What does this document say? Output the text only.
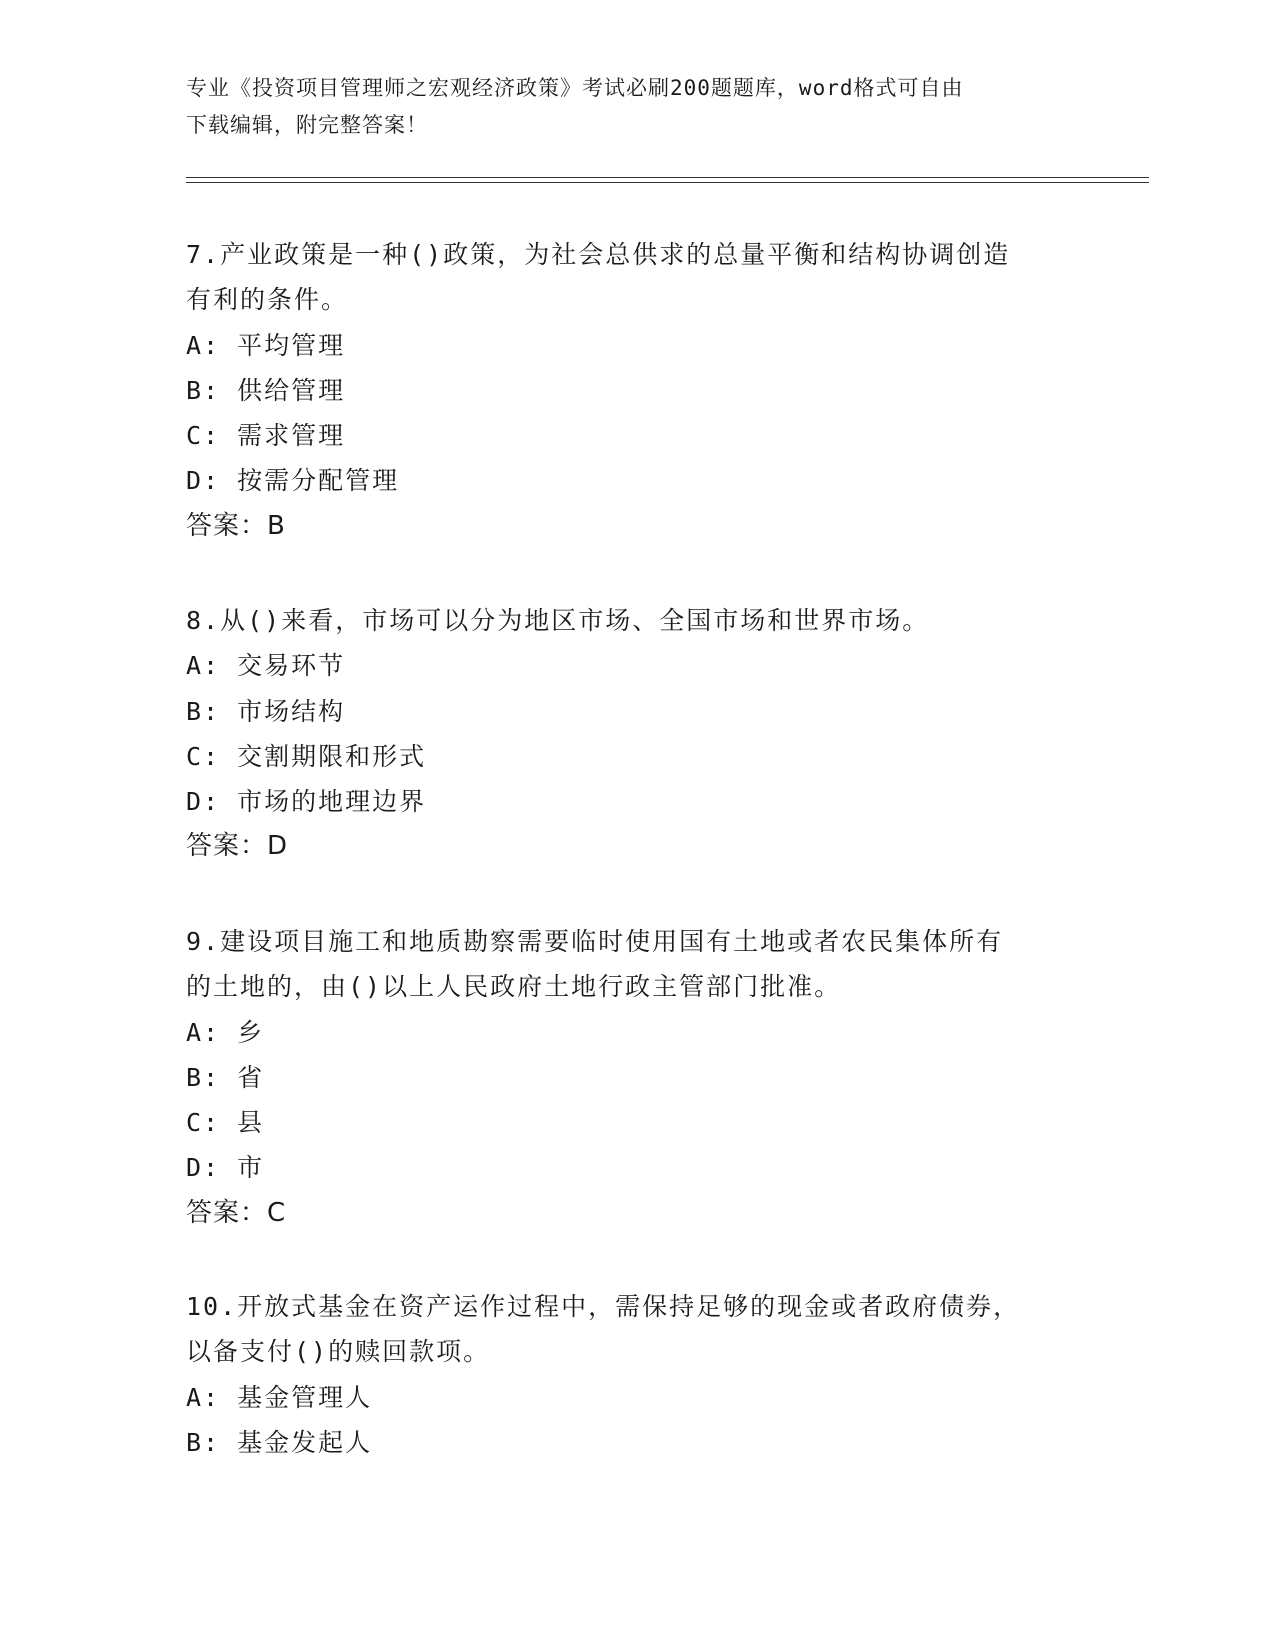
专业《投资项目管理师之宏观经济政策》考试必刷200题题库，word格式可自由
下载编辑，附完整答案！
7.产业政策是一种()政策，为社会总供求的总量平衡和结构协调创造
有利的条件。
A: 平均管理
B: 供给管理
C: 需求管理
D: 按需分配管理
答案：B
8.从()来看，市场可以分为地区市场、全国市场和世界市场。
A: 交易环节
B: 市场结构
C: 交割期限和形式
D: 市场的地理边界
答案：D
9.建设项目施工和地质勘察需要临时使用国有土地或者农民集体所有
的土地的，由()以上人民政府土地行政主管部门批准。
A: 乡
B: 省
C: 县
D: 市
答案：C
10.开放式基金在资产运作过程中，需保持足够的现金或者政府债券，
以备支付()的赎回款项。
A: 基金管理人
B: 基金发起人
